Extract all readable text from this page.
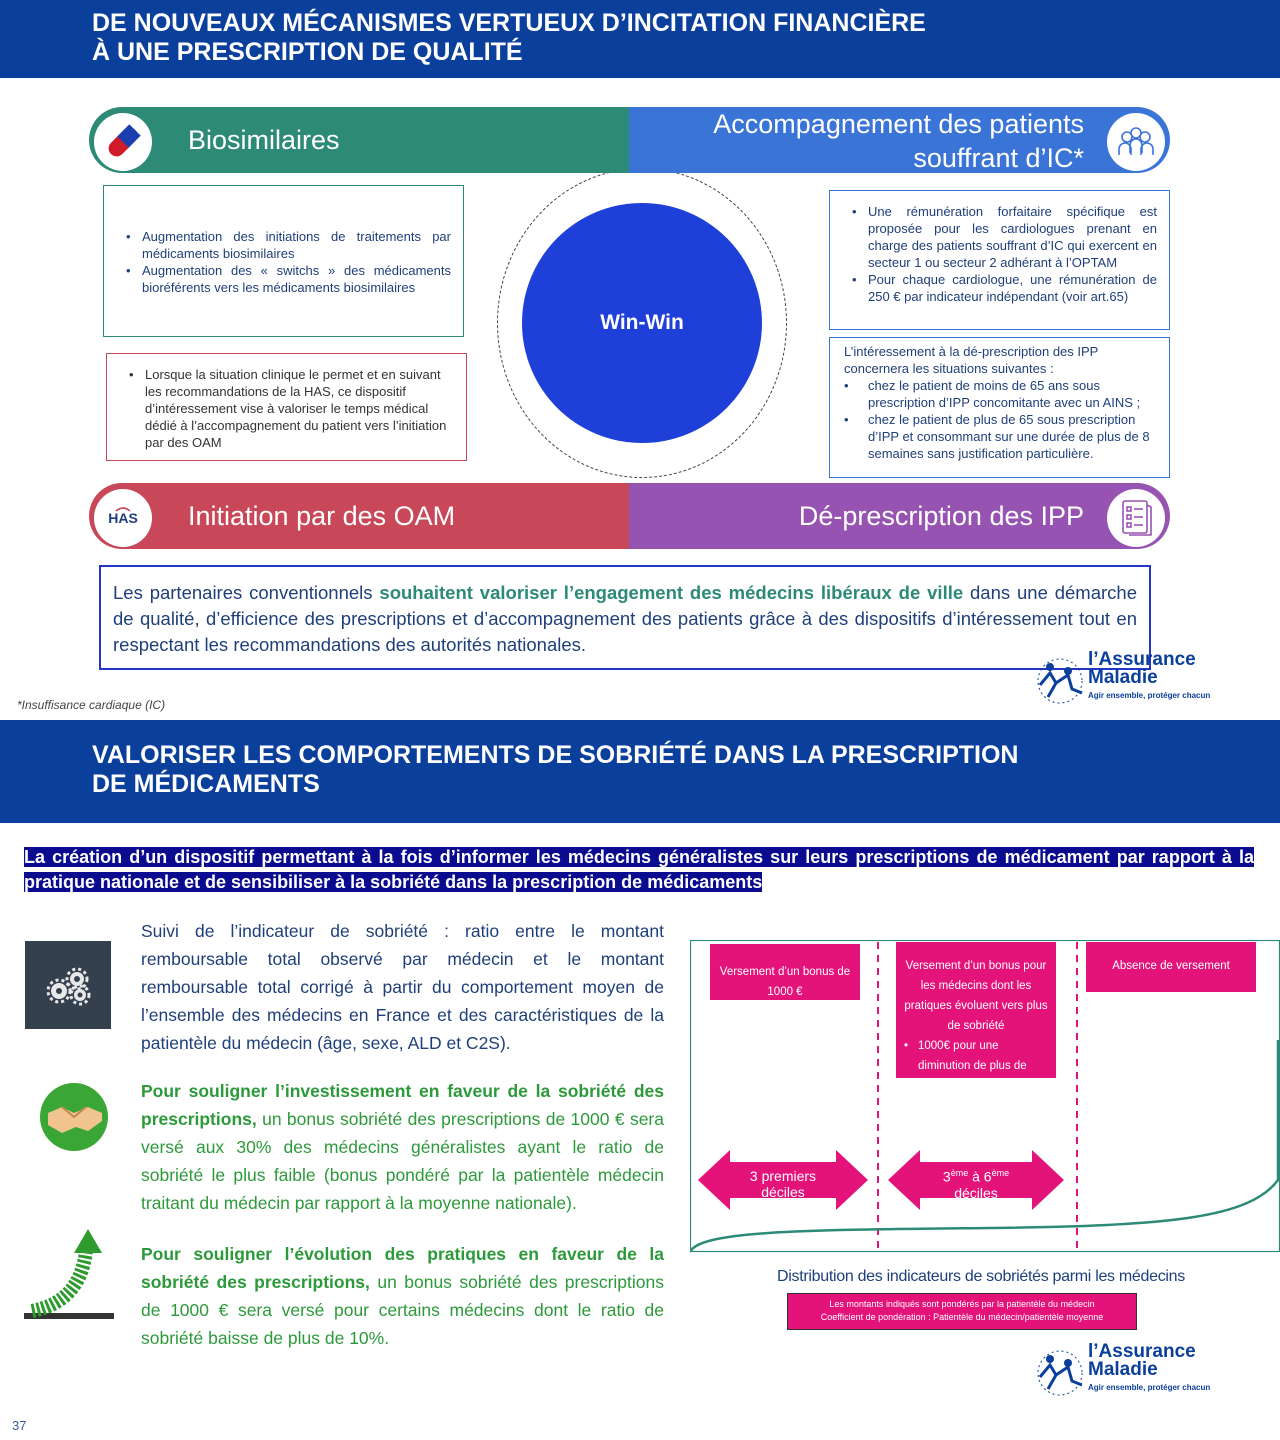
DE NOUVEAUX MÉCANISMES VERTUEUX D’INCITATION FINANCIÈRE
À UNE PRESCRIPTION DE QUALITÉ
Biosimilaires
Accompagnement des patients
souffrant d’IC*
• Augmentation des initiations de traitements par médicaments biosimilaires
• Augmentation des « switchs » des médicaments bioréférents vers les médicaments biosimilaires
• Lorsque la situation clinique le permet et en suivant les recommandations de la HAS, ce dispositif d’intéressement vise à valoriser le temps médical dédié à l’accompagnement du patient vers l’initiation par des OAM
• Une rémunération forfaitaire spécifique est proposée pour les cardiologues prenant en charge des patients souffrant d’IC qui exercent en secteur 1 ou secteur 2 adhérant à l’OPTAM
• Pour chaque cardiologue, une rémunération de 250 € par indicateur indépendant (voir art.65)
L’intéressement à la dé-prescription des IPP concernera les situations suivantes :
• chez le patient de moins de 65 ans sous prescription d’IPP concomitante avec un AINS ;
• chez le patient de plus de 65 sous prescription d’IPP et consommant sur une durée de plus de 8 semaines sans justification particulière.
Win-Win
HAS Initiation par des OAM	Dé-prescription des IPP
Les partenaires conventionnels souhaitent valoriser l’engagement des médecins libéraux de ville dans une démarche de qualité, d’efficience des prescriptions et d’accompagnement des patients grâce à des dispositifs d’intéressement tout en respectant les recommandations des autorités nationales.
l’Assurance
Maladie
Agir ensemble, protéger chacun
*Insuffisance cardiaque (IC)
VALORISER LES COMPORTEMENTS DE SOBRIÉTÉ DANS LA PRESCRIPTION
DE MÉDICAMENTS
La création d’un dispositif permettant à la fois d’informer les médecins généralistes sur leurs prescriptions de médicament par rapport à la pratique nationale et de sensibiliser à la sobriété dans la prescription de médicaments
Suivi de l’indicateur de sobriété : ratio entre le montant remboursable total observé par médecin et le montant remboursable total corrigé à partir du comportement moyen de l’ensemble des médecins en France et des caractéristiques de la patientèle du médecin (âge, sexe, ALD et C2S).
Pour souligner l’investissement en faveur de la sobriété des prescriptions, un bonus sobriété des prescriptions de 1000 € sera versé aux 30% des médecins généralistes ayant le ratio de sobriété le plus faible (bonus pondéré par la patientèle médecin traitant du médecin par rapport à la moyenne nationale).
Pour souligner l’évolution des pratiques en faveur de la sobriété des prescriptions, un bonus sobriété des prescriptions de 1000 € sera versé pour certains médecins dont le ratio de sobriété baisse de plus de 10%.
Versement d’un bonus de 1000 €
Versement d’un bonus pour les médecins dont les pratiques évoluent vers plus de sobriété
• 1000€ pour une diminution de plus de 10% du ratio
Absence de versement
3 premiers déciles
3ème à 6ème déciles
Distribution des indicateurs de sobriétés parmi les médecins
Les montants indiqués sont pondérés par la patientèle du médecin
Coefficient de pondération : Patientèle du médecin/patientèle moyenne
l’Assurance
Maladie
Agir ensemble, protéger chacun
37
